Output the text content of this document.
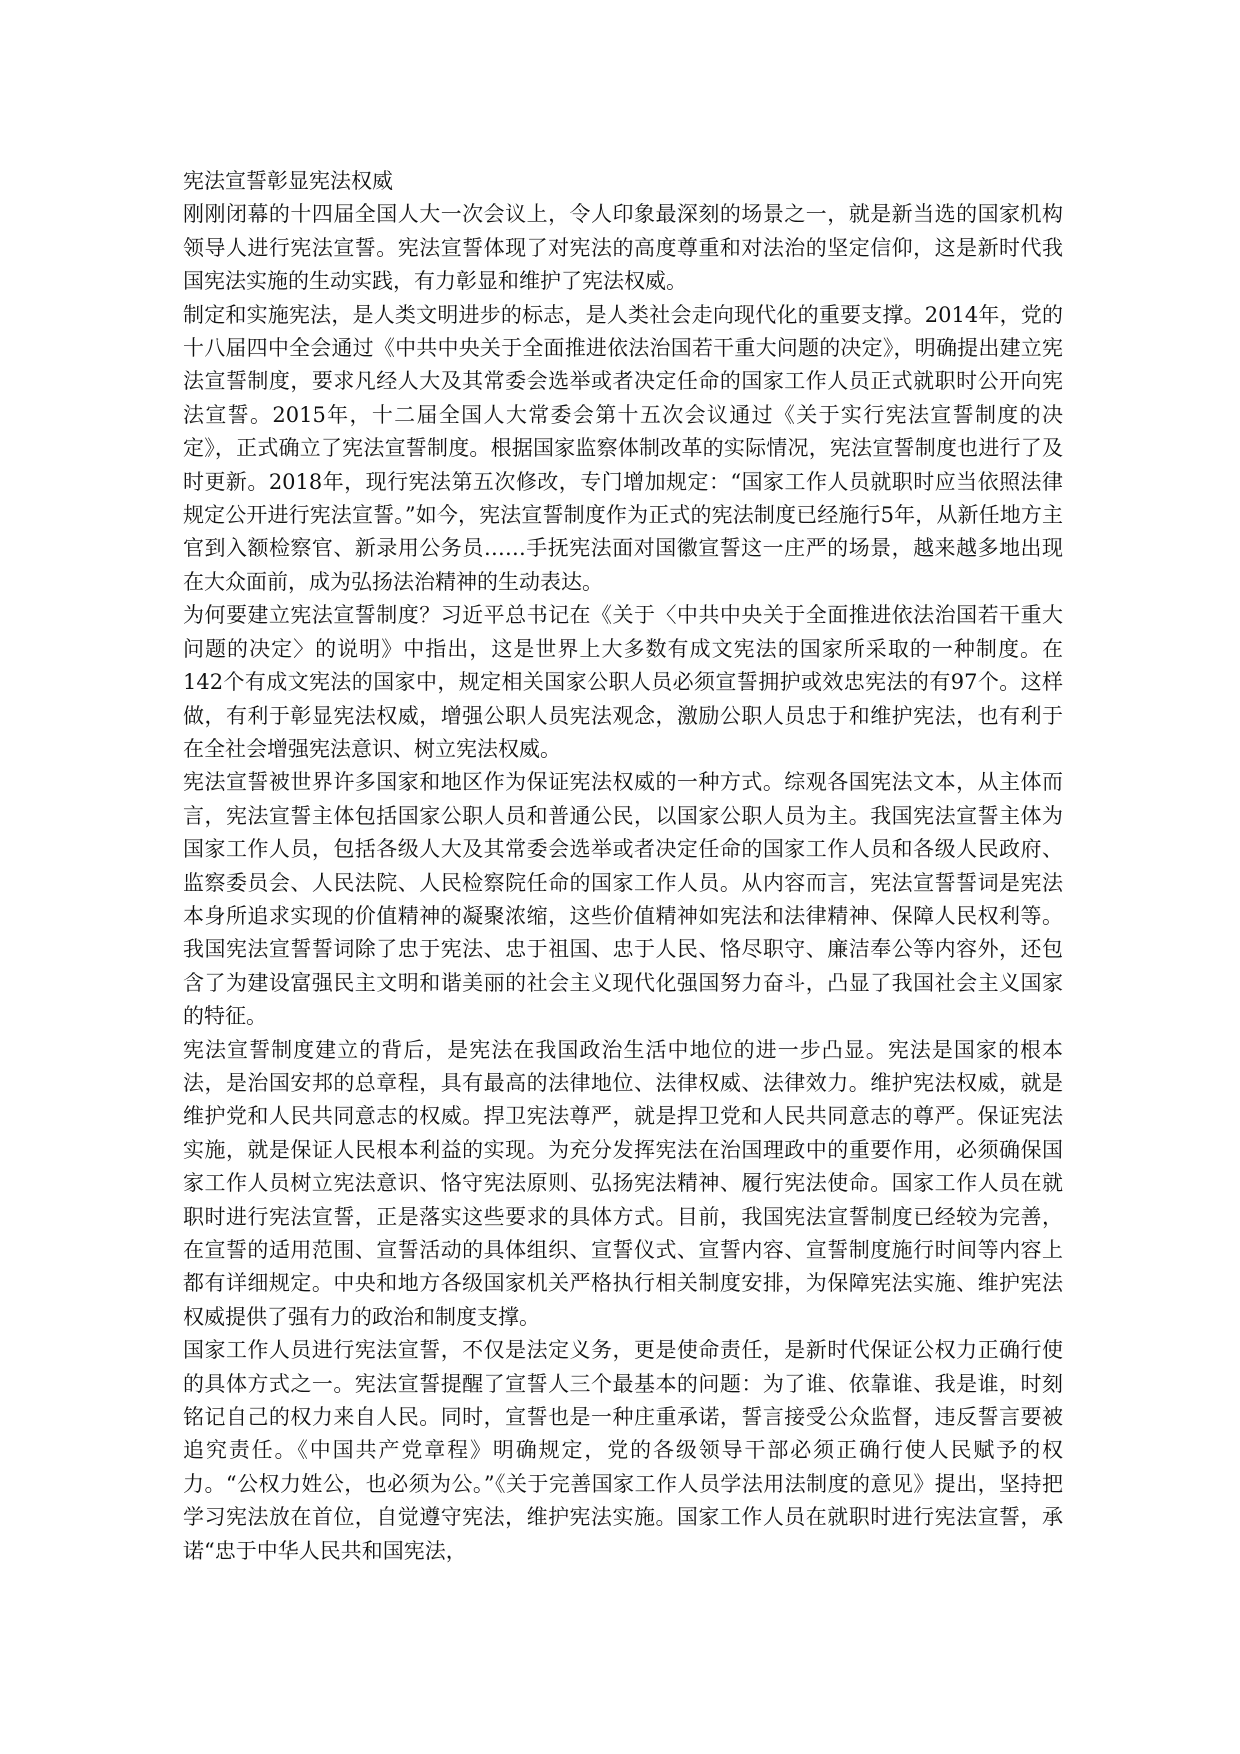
宪法宣誓彰显宪法权威

刚刚闭幕的十四届全国人大一次会议上，令人印象最深刻的场景之一，就是新当选的国家机构领导人进行宪法宣誓。宪法宣誓体现了对宪法的高度尊重和对法治的坚定信仰，这是新时代我国宪法实施的生动实践，有力彰显和维护了宪法权威。

制定和实施宪法，是人类文明进步的标志，是人类社会走向现代化的重要支撑。2014年，党的十八届四中全会通过《中共中央关于全面推进依法治国若干重大问题的决定》，明确提出建立宪法宣誓制度，要求凡经人大及其常委会选举或者决定任命的国家工作人员正式就职时公开向宪法宣誓。2015年，十二届全国人大常委会第十五次会议通过《关于实行宪法宣誓制度的决定》，正式确立了宪法宣誓制度。根据国家监察体制改革的实际情况，宪法宣誓制度也进行了及时更新。2018年，现行宪法第五次修改，专门增加规定：“国家工作人员就职时应当依照法律规定公开进行宪法宣誓。”如今，宪法宣誓制度作为正式的宪法制度已经施行5年，从新任地方主官到入额检察官、新录用公务员……手抚宪法面对国徽宣誓这一庄严的场景，越来越多地出现在大众面前，成为弘扬法治精神的生动表达。

为何要建立宪法宣誓制度？习近平总书记在《关于〈中共中央关于全面推进依法治国若干重大问题的决定〉的说明》中指出，这是世界上大多数有成文宪法的国家所采取的一种制度。在142个有成文宪法的国家中，规定相关国家公职人员必须宣誓拥护或效忠宪法的有97个。这样做，有利于彰显宪法权威，增强公职人员宪法观念，激励公职人员忠于和维护宪法，也有利于在全社会增强宪法意识、树立宪法权威。

宪法宣誓被世界许多国家和地区作为保证宪法权威的一种方式。综观各国宪法文本，从主体而言，宪法宣誓主体包括国家公职人员和普通公民，以国家公职人员为主。我国宪法宣誓主体为国家工作人员，包括各级人大及其常委会选举或者决定任命的国家工作人员和各级人民政府、监察委员会、人民法院、人民检察院任命的国家工作人员。从内容而言，宪法宣誓誓词是宪法本身所追求实现的价值精神的凝聚浓缩，这些价值精神如宪法和法律精神、保障人民权利等。我国宪法宣誓誓词除了忠于宪法、忠于祖国、忠于人民、恪尽职守、廉洁奉公等内容外，还包含了为建设富强民主文明和谐美丽的社会主义现代化强国努力奋斗，凸显了我国社会主义国家的特征。

宪法宣誓制度建立的背后，是宪法在我国政治生活中地位的进一步凸显。宪法是国家的根本法，是治国安邦的总章程，具有最高的法律地位、法律权威、法律效力。维护宪法权威，就是维护党和人民共同意志的权威。捍卫宪法尊严，就是捍卫党和人民共同意志的尊严。保证宪法实施，就是保证人民根本利益的实现。为充分发挥宪法在治国理政中的重要作用，必须确保国家工作人员树立宪法意识、恪守宪法原则、弘扬宪法精神、履行宪法使命。国家工作人员在就职时进行宪法宣誓，正是落实这些要求的具体方式。目前，我国宪法宣誓制度已经较为完善，在宣誓的适用范围、宣誓活动的具体组织、宣誓仪式、宣誓内容、宣誓制度施行时间等内容上都有详细规定。中央和地方各级国家机关严格执行相关制度安排，为保障宪法实施、维护宪法权威提供了强有力的政治和制度支撑。

国家工作人员进行宪法宣誓，不仅是法定义务，更是使命责任，是新时代保证公权力正确行使的具体方式之一。宪法宣誓提醒了宣誓人三个最基本的问题：为了谁、依靠谁、我是谁，时刻铭记自己的权力来自人民。同时，宣誓也是一种庄重承诺，誓言接受公众监督，违反誓言要被追究责任。《中国共产党章程》明确规定，党的各级领导干部必须正确行使人民赋予的权力。“公权力姓公，也必须为公。”《关于完善国家工作人员学法用法制度的意见》提出，坚持把学习宪法放在首位，自觉遵守宪法，维护宪法实施。国家工作人员在就职时进行宪法宣誓，承诺“忠于中华人民共和国宪法，
